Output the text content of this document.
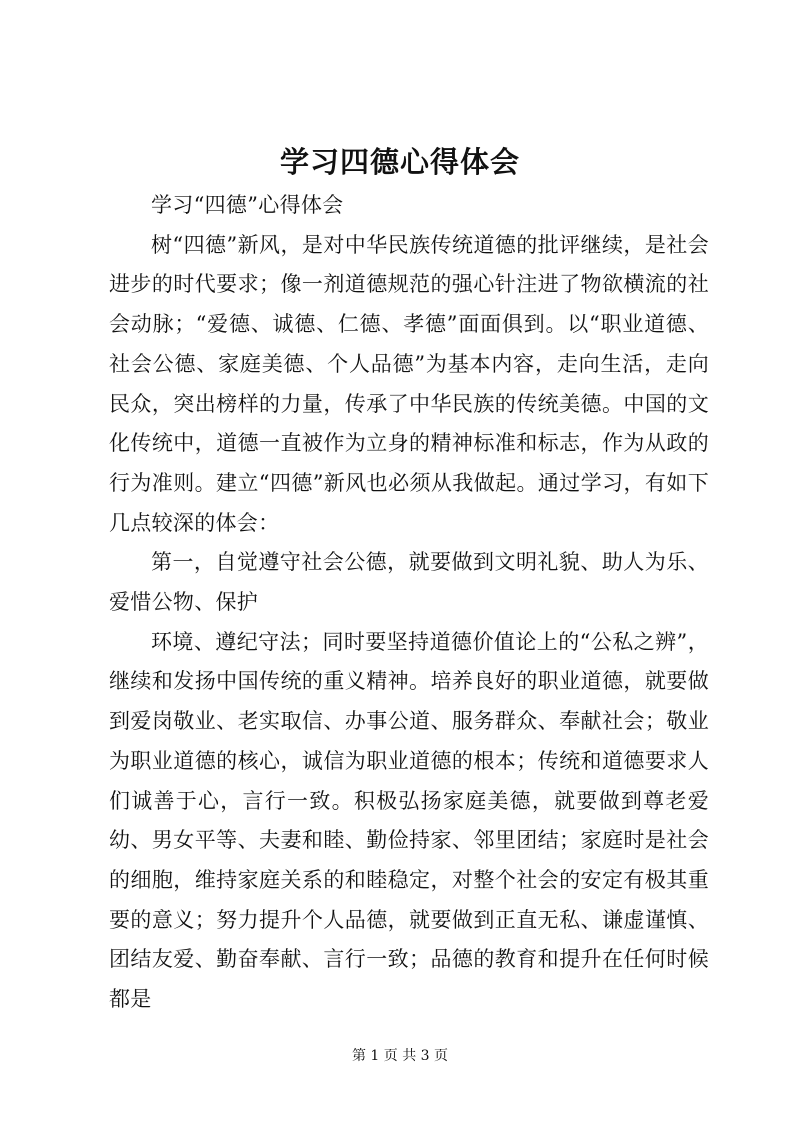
学习四德心得体会

学习“四德”心得体会

树“四德”新风，是对中华民族传统道德的批评继续，是社会进步的时代要求；像一剂道德规范的强心针注进了物欲横流的社会动脉；“爱德、诚德、仁德、孝德”面面俱到。以“职业道德、社会公德、家庭美德、个人品德”为基本内容，走向生活，走向民众，突出榜样的力量，传承了中华民族的传统美德。中国的文化传统中，道德一直被作为立身的精神标准和标志，作为从政的行为准则。建立“四德”新风也必须从我做起。通过学习，有如下几点较深的体会：

第一，自觉遵守社会公德，就要做到文明礼貌、助人为乐、爱惜公物、保护

环境、遵纪守法；同时要坚持道德价值论上的“公私之辨”，继续和发扬中国传统的重义精神。培养良好的职业道德，就要做到爱岗敬业、老实取信、办事公道、服务群众、奉献社会；敬业为职业道德的核心，诚信为职业道德的根本；传统和道德要求人们诚善于心，言行一致。积极弘扬家庭美德，就要做到尊老爱幼、男女平等、夫妻和睦、勤俭持家、邻里团结；家庭时是社会的细胞，维持家庭关系的和睦稳定，对整个社会的安定有极其重要的意义；努力提升个人品德，就要做到正直无私、谦虚谨慎、团结友爱、勤奋奉献、言行一致；品德的教育和提升在任何时候都是

第 1 页 共 3 页
